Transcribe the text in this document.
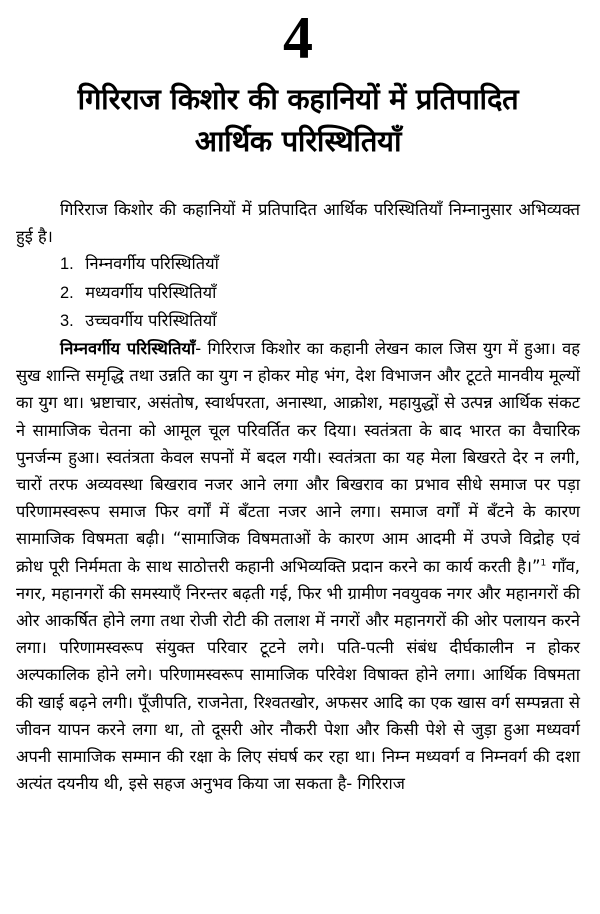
4
गिरिराज किशोर की कहानियों में प्रतिपादित
आर्थिक परिस्थितियाँ

गिरिराज किशोर की कहानियों में प्रतिपादित आर्थिक परिस्थितियाँ निम्नानुसार अभिव्यक्त हुई है।

1. निम्नवर्गीय परिस्थितियाँ
2. मध्यवर्गीय परिस्थितियाँ
3. उच्चवर्गीय परिस्थितियाँ

निम्नवर्गीय परिस्थितियाँ- गिरिराज किशोर का कहानी लेखन काल जिस युग में हुआ। वह सुख शान्ति समृद्धि तथा उन्नति का युग न होकर मोह भंग, देश विभाजन और टूटते मानवीय मूल्यों का युग था। भ्रष्टाचार, असंतोष, स्वार्थपरता, अनास्था, आक्रोश, महायुद्धों से उत्पन्न आर्थिक संकट ने सामाजिक चेतना को आमूल चूल परिवर्तित कर दिया। स्वतंत्रता के बाद भारत का वैचारिक पुनर्जन्म हुआ। स्वतंत्रता केवल सपनों में बदल गयी। स्वतंत्रता का यह मेला बिखरते देर न लगी, चारों तरफ अव्यवस्था बिखराव नजर आने लगा और बिखराव का प्रभाव सीधे समाज पर पड़ा परिणामस्वरूप समाज फिर वर्गों में बँटता नजर आने लगा। समाज वर्गों में बँटने के कारण सामाजिक विषमता बढ़ी। “सामाजिक विषमताओं के कारण आम आदमी में उपजे विद्रोह एवं क्रोध पूरी निर्ममता के साथ साठोत्तरी कहानी अभिव्यक्ति प्रदान करने का कार्य करती है।”$^1$ गाँव, नगर, महानगरों की समस्याएँ निरन्तर बढ़ती गई, फिर भी ग्रामीण नवयुवक नगर और महानगरों की ओर आकर्षित होने लगा तथा रोजी रोटी की तलाश में नगरों और महानगरों की ओर पलायन करने लगा। परिणामस्वरूप संयुक्त परिवार टूटने लगे। पति-पत्नी संबंध दीर्घकालीन न होकर अल्पकालिक होने लगे। परिणामस्वरूप सामाजिक परिवेश विषाक्त होने लगा। आर्थिक विषमता की खाई बढ़ने लगी। पूँजीपति, राजनेता, रिश्वतखोर, अफसर आदि का एक खास वर्ग सम्पन्नता से जीवन यापन करने लगा था, तो दूसरी ओर नौकरी पेशा और किसी पेशे से जुड़ा हुआ मध्यवर्ग अपनी सामाजिक सम्मान की रक्षा के लिए संघर्ष कर रहा था। निम्न मध्यवर्ग व निम्नवर्ग की दशा अत्यंत दयनीय थी, इसे सहज अनुभव किया जा सकता है- गिरिराज
